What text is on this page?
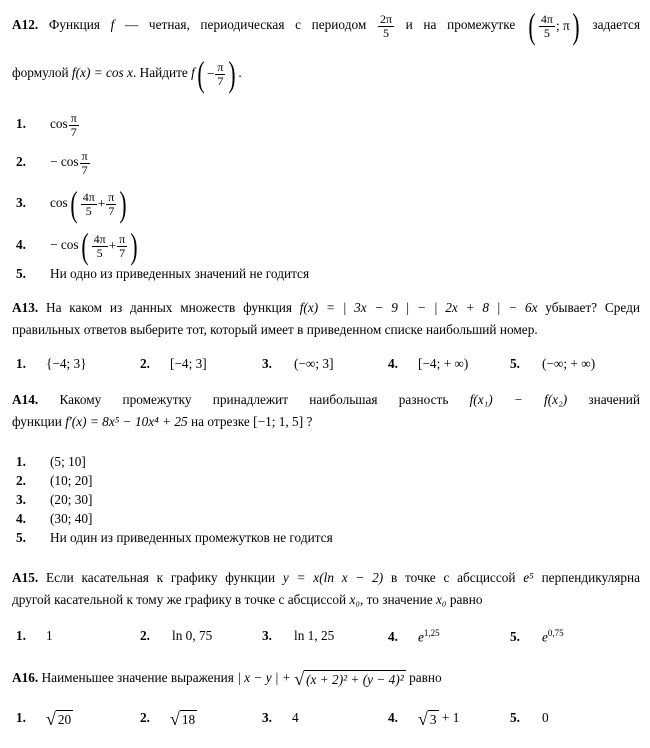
А12. Функция f — четная, периодическая с периодом $\frac{2\pi}{5}$ и на промежутке ( $\frac{4\pi}{5}$ ; π ) задается
формулой f(x) = cos x. Найдите f ( − $\frac{\pi}{7}$ ) .
1. $\cos \frac{\pi}{7}$
2. − $\cos \frac{\pi}{7}$
3. cos ( $\frac{4\pi}{5} + \frac{\pi}{7}$ )
4. − cos ( $\frac{4\pi}{5} + \frac{\pi}{7}$ )
5. Ни одно из приведенных значений не годится
А13. На каком из данных множеств функция f(x) = | 3x − 9 | − | 2x + 8 | − 6x убывает? Среди
правильных ответов выберите тот, который имеет в приведенном списке наибольший номер.
1. {−4; 3}	2. [−4; 3]	3. (−∞; 3]	4. [−4; + ∞)	5. (−∞; + ∞)
А14. Какому промежутку принадлежит наибольшая разность f(x₁) − f(x₂) значений
функции f′(x) = 8x⁵ − 10x⁴ + 25 на отрезке [−1; 1, 5] ?
1. (5; 10]
2. (10; 20]
3. (20; 30]
4. (30; 40]
5. Ни один из приведенных промежутков не годится
А15. Если касательная к графику функции y = x(ln x − 2) в точке с абсциссой e⁵ перпендикулярна
другой касательной к тому же графику в точке с абсциссой x₀, то значение x₀ равно
1. 1	2. ln 0, 75	3. ln 1, 25	4. $e^{1,25}$	5. $e^{0,75}$
А16. Наименьшее значение выражения | x − y | + √ (x + 2)² + (y − 4)² равно
1. √ 20	2. √ 18	3. 4	4. √ 3 + 1	5. 0
